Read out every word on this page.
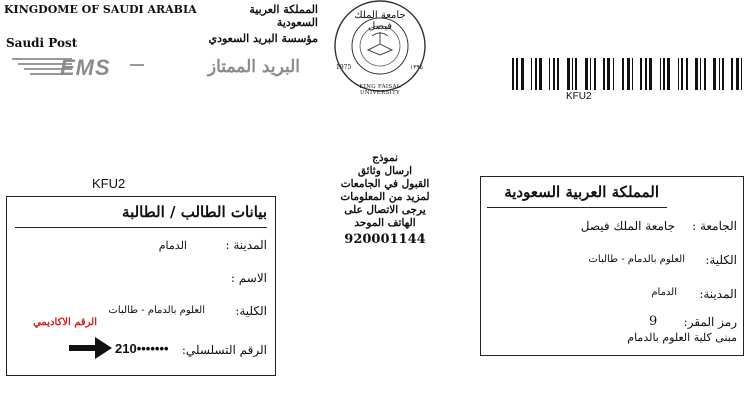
KINGDOME OF SAUDI ARABIA	المملكة العربية السعودية
Saudi Post	مؤسسة البريد السعودي
EMS	البريد الممتاز
جامعة الملك فيصل
1975	١٣٩٥
KING FAISAL UNIVERSITY
	KFU2
نموذج
ارسال وثائق
القبول في الجامعات
لمزيد من المعلومات
يرجى الاتصال على
الهاتف الموحد
920001144
KFU2
بيانات الطالب / الطالبة
المدينة :
الدمام
الاسم :
الكلية:
العلوم بالدمام - طالبات
الرقم الاكاديمي
الرقم التسلسلي:
210•••••••
المملكة العربية السعودية
الجامعة :
جامعة الملك فيصل
الكلية:
العلوم بالدمام - طالبات
المدينة:
الدمام
رمز المقر:
9
مبنى كلية العلوم بالدمام
